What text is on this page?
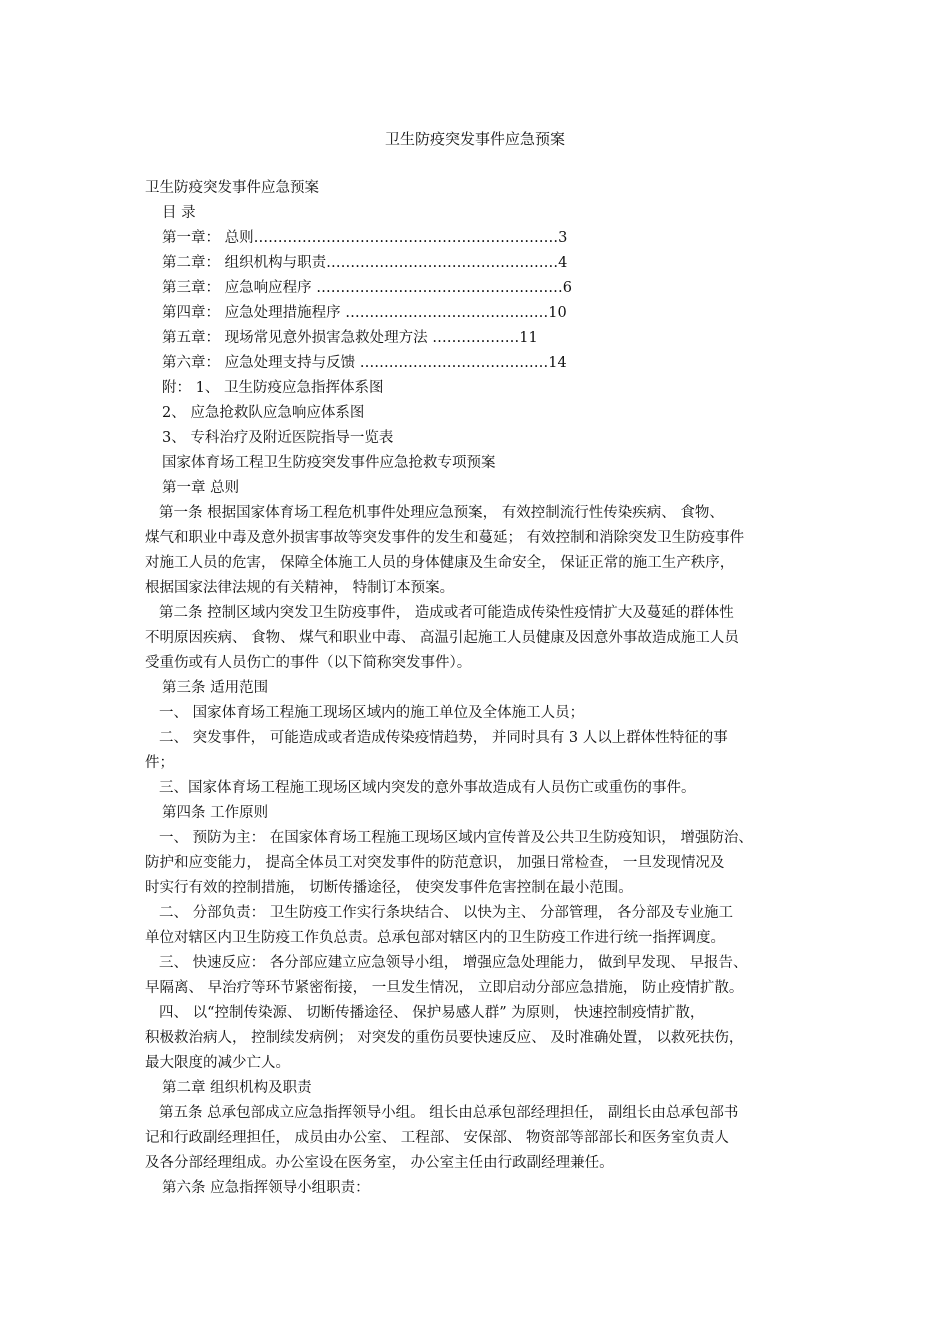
卫生防疫突发事件应急预案

卫生防疫突发事件应急预案

目 录

第一章： 总则………………………………………………………3

第二章： 组织机构与职责…………………………………………4

第三章： 应急响应程序 ……………………………………………6

第四章： 应急处理措施程序 ……………………………………10

第五章： 现场常见意外损害急救处理方法 ………………11

第六章： 应急处理支持与反馈 …………………………………14

附： 1、 卫生防疫应急指挥体系图

2、 应急抢救队应急响应体系图

3、 专科治疗及附近医院指导一览表

国家体育场工程卫生防疫突发事件应急抢救专项预案

第一章 总则

第一条 根据国家体育场工程危机事件处理应急预案， 有效控制流行性传染疾病、 食物、

煤气和职业中毒及意外损害事故等突发事件的发生和蔓延； 有效控制和消除突发卫生防疫事件

对施工人员的危害， 保障全体施工人员的身体健康及生命安全， 保证正常的施工生产秩序，

根据国家法律法规的有关精神， 特制订本预案。

第二条 控制区域内突发卫生防疫事件， 造成或者可能造成传染性疫情扩大及蔓延的群体性

不明原因疾病、 食物、 煤气和职业中毒、 高温引起施工人员健康及因意外事故造成施工人员

受重伤或有人员伤亡的事件（以下简称突发事件）。

第三条 适用范围

一、 国家体育场工程施工现场区域内的施工单位及全体施工人员；

二、 突发事件， 可能造成或者造成传染疫情趋势， 并同时具有 3 人以上群体性特征的事

件；

三、国家体育场工程施工现场区域内突发的意外事故造成有人员伤亡或重伤的事件。

第四条 工作原则

一、 预防为主： 在国家体育场工程施工现场区域内宣传普及公共卫生防疫知识， 增强防治、

防护和应变能力， 提高全体员工对突发事件的防范意识， 加强日常检查， 一旦发现情况及

时实行有效的控制措施， 切断传播途径， 使突发事件危害控制在最小范围。

二、 分部负责： 卫生防疫工作实行条块结合、 以快为主、 分部管理， 各分部及专业施工

单位对辖区内卫生防疫工作负总责。总承包部对辖区内的卫生防疫工作进行统一指挥调度。

三、 快速反应： 各分部应建立应急领导小组， 增强应急处理能力， 做到早发现、 早报告、

早隔离、 早治疗等环节紧密衔接， 一旦发生情况， 立即启动分部应急措施， 防止疫情扩散。

四、 以“控制传染源、 切断传播途径、 保护易感人群” 为原则， 快速控制疫情扩散，

积极救治病人， 控制续发病例； 对突发的重伤员要快速反应、 及时准确处置， 以救死扶伤，

最大限度的减少亡人。

第二章 组织机构及职责

第五条 总承包部成立应急指挥领导小组。 组长由总承包部经理担任， 副组长由总承包部书

记和行政副经理担任， 成员由办公室、 工程部、 安保部、 物资部等部部长和医务室负责人

及各分部经理组成。办公室设在医务室， 办公室主任由行政副经理兼任。

第六条 应急指挥领导小组职责：
